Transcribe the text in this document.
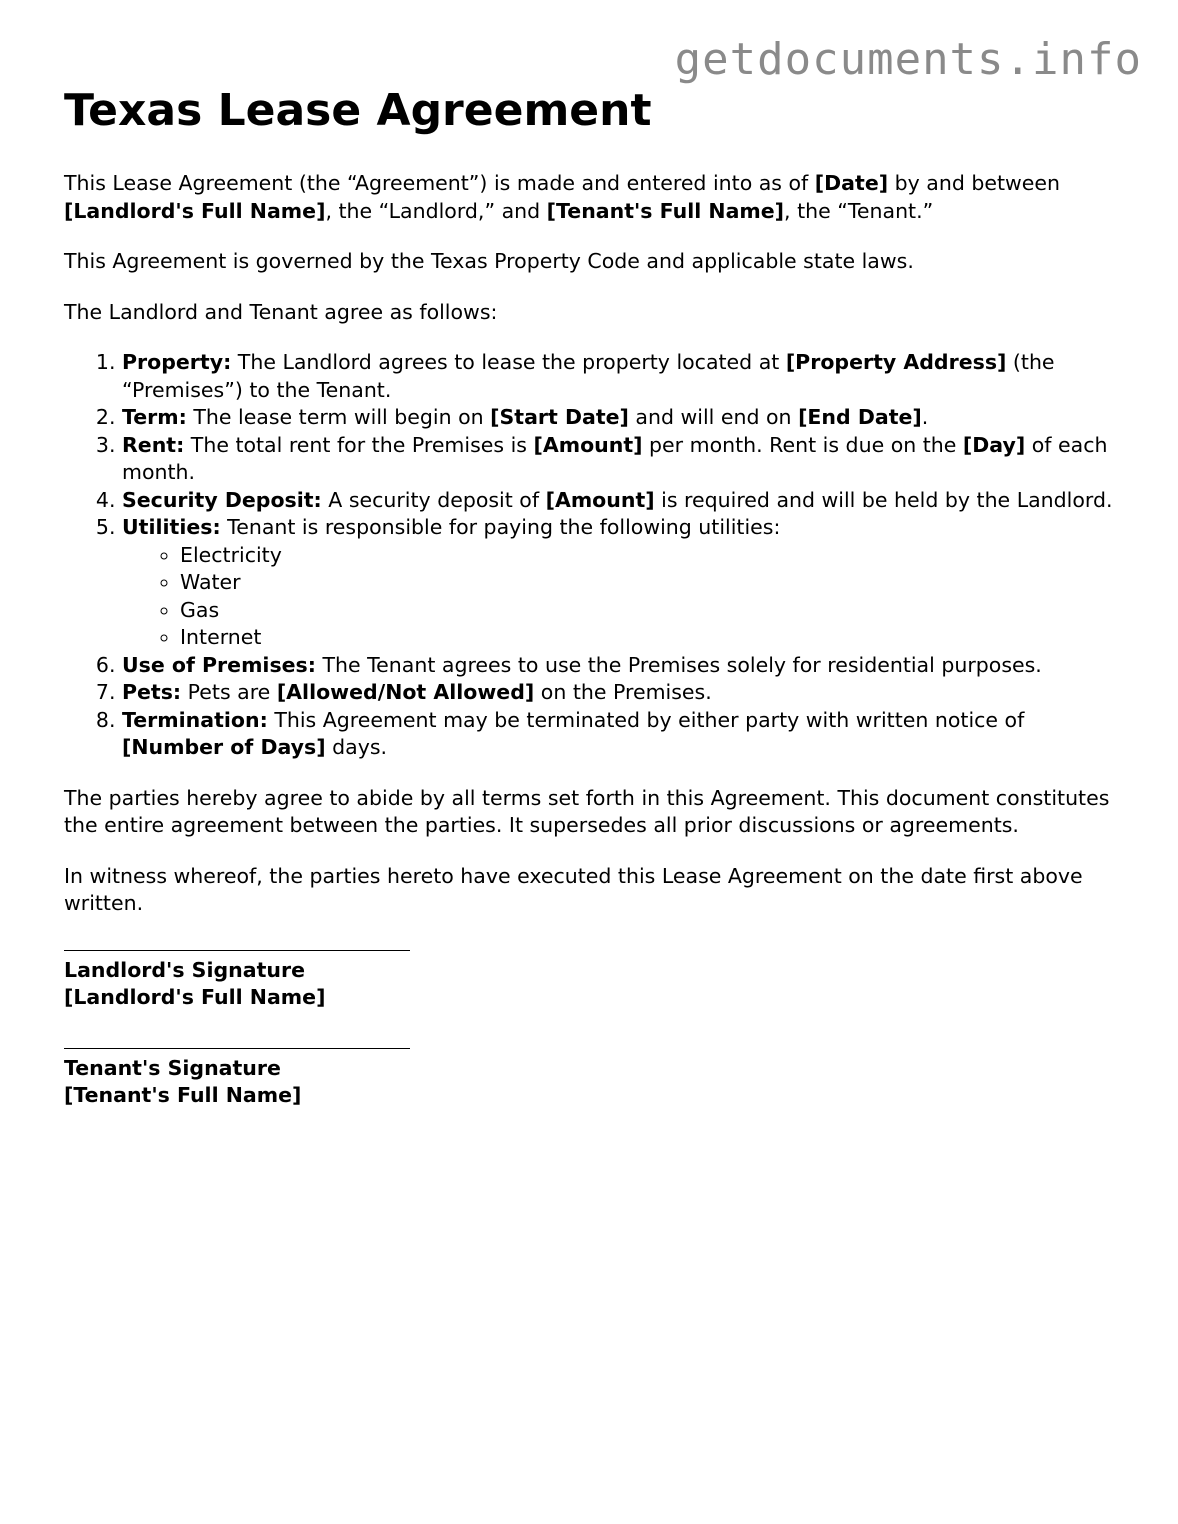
getdocuments.info
Texas Lease Agreement

This Lease Agreement (the “Agreement”) is made and entered into as of [Date] by and between [Landlord's Full Name], the “Landlord,” and [Tenant's Full Name], the “Tenant.”

This Agreement is governed by the Texas Property Code and applicable state laws.

The Landlord and Tenant agree as follows:

1. Property: The Landlord agrees to lease the property located at [Property Address] (the “Premises”) to the Tenant.
2. Term: The lease term will begin on [Start Date] and will end on [End Date].
3. Rent: The total rent for the Premises is [Amount] per month. Rent is due on the [Day] of each month.
4. Security Deposit: A security deposit of [Amount] is required and will be held by the Landlord.
5. Utilities: Tenant is responsible for paying the following utilities:
◦ Electricity
◦ Water
◦ Gas
◦ Internet
6. Use of Premises: The Tenant agrees to use the Premises solely for residential purposes.
7. Pets: Pets are [Allowed/Not Allowed] on the Premises.
8. Termination: This Agreement may be terminated by either party with written notice of [Number of Days] days.

The parties hereby agree to abide by all terms set forth in this Agreement. This document constitutes the entire agreement between the parties. It supersedes all prior discussions or agreements.

In witness whereof, the parties hereto have executed this Lease Agreement on the date first above written.

Landlord's Signature
[Landlord's Full Name]
Tenant's Signature
[Tenant's Full Name]
